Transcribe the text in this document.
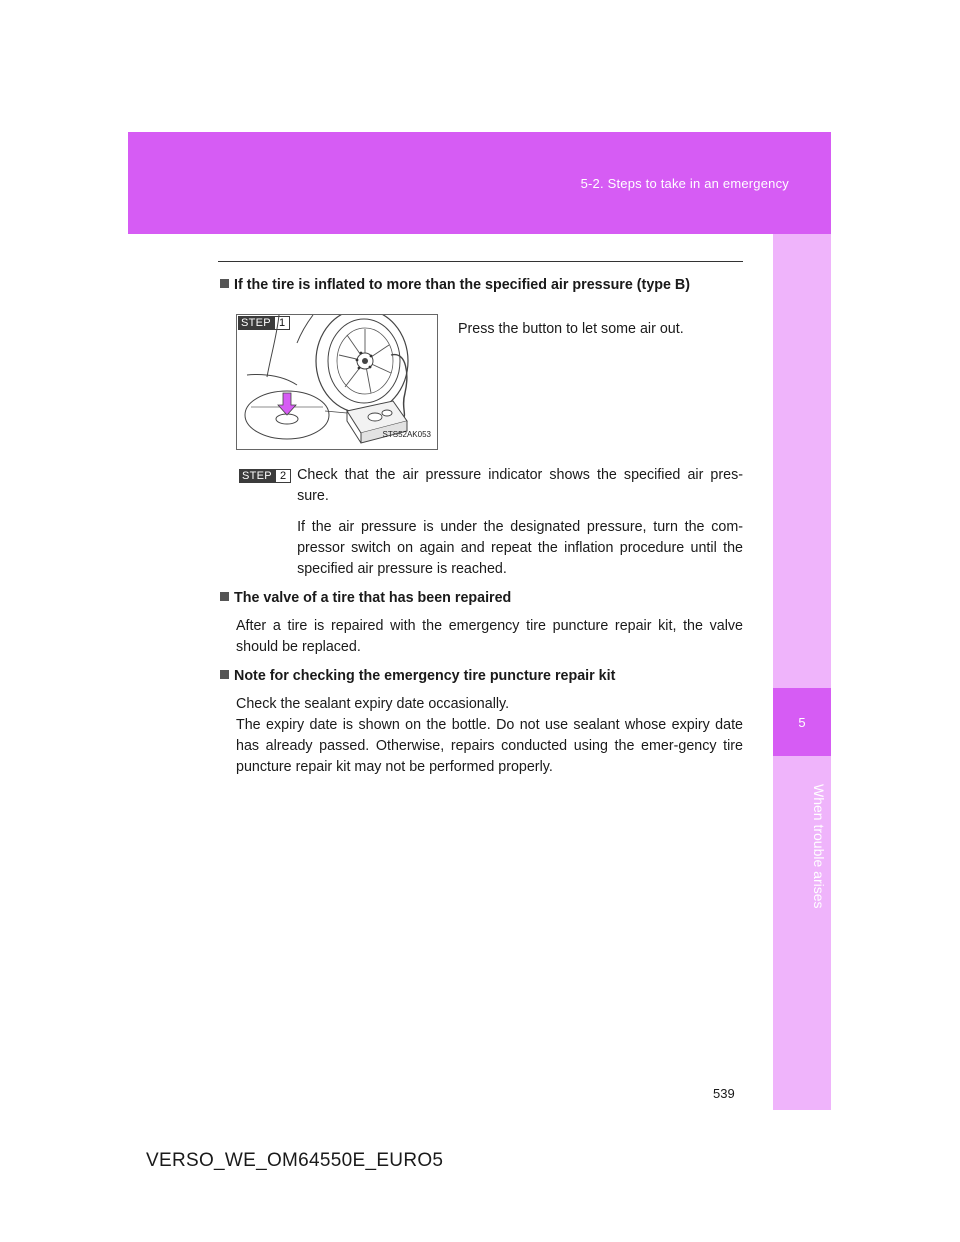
5-2. Steps to take in an emergency
5
When trouble arises

If the tire is inflated to more than the specified air pressure (type B)

STEP 1
STS52AK053
Press the button to let some air out.
STEP 2 Check that the air pressure indicator shows the specified air pres-sure.

If the air pressure is under the designated pressure, turn the com-pressor switch on again and repeat the inflation procedure until the specified air pressure is reached.

The valve of a tire that has been repaired

After a tire is repaired with the emergency tire puncture repair kit, the valve should be replaced.

Note for checking the emergency tire puncture repair kit

Check the sealant expiry date occasionally.

The expiry date is shown on the bottle. Do not use sealant whose expiry date has already passed. Otherwise, repairs conducted using the emer-gency tire puncture repair kit may not be performed properly.

539
VERSO_WE_OM64550E_EURO5
